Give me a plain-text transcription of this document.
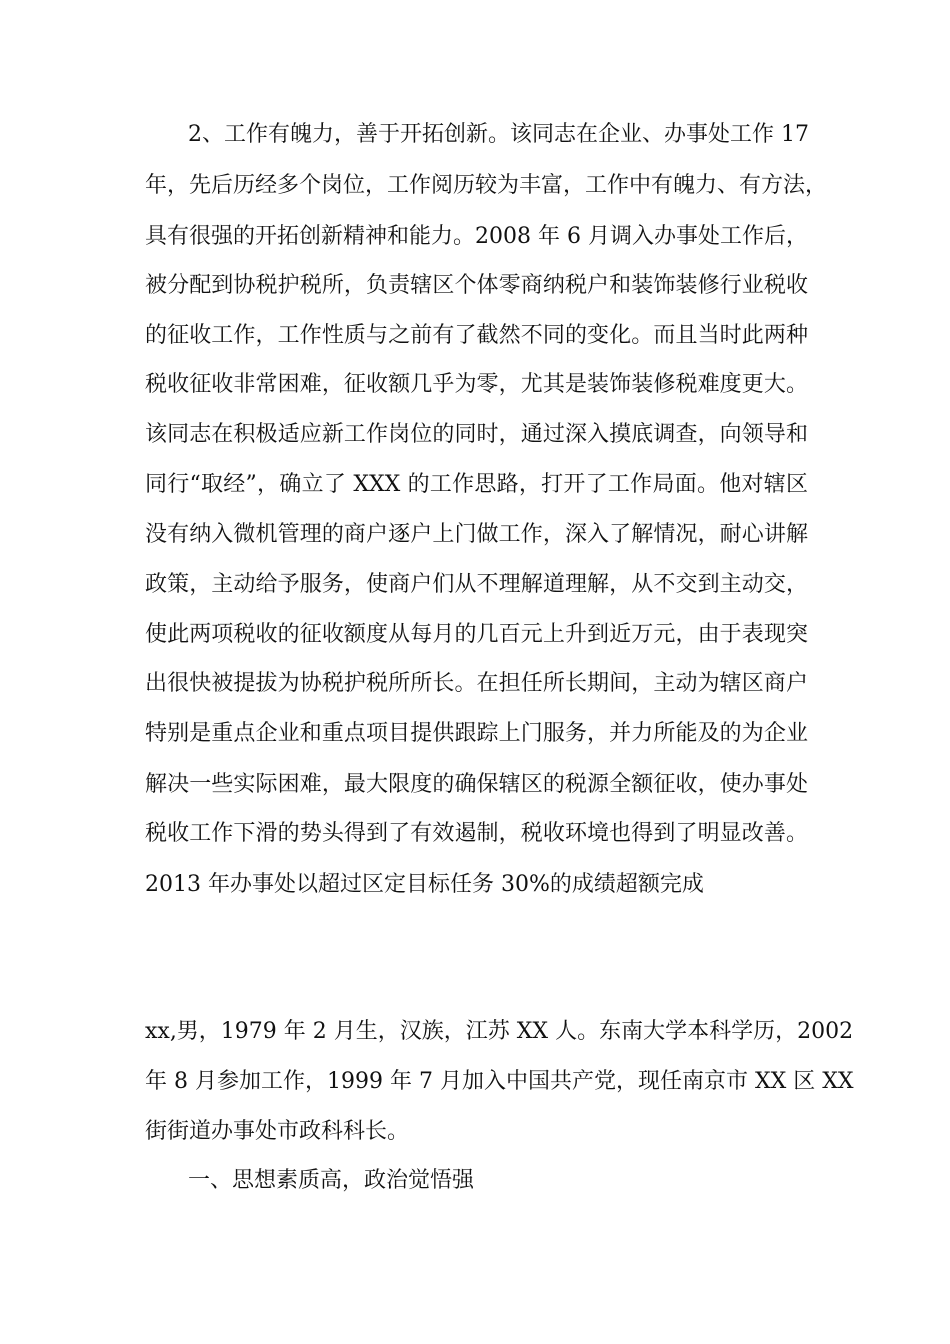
2、工作有魄力，善于开拓创新。该同志在企业、办事处工作 17
年，先后历经多个岗位，工作阅历较为丰富，工作中有魄力、有方法，
具有很强的开拓创新精神和能力。2008 年 6 月调入办事处工作后，
被分配到协税护税所，负责辖区个体零商纳税户和装饰装修行业税收
的征收工作，工作性质与之前有了截然不同的变化。而且当时此两种
税收征收非常困难，征收额几乎为零，尤其是装饰装修税难度更大。
该同志在积极适应新工作岗位的同时，通过深入摸底调查，向领导和
同行“取经”，确立了 XXX 的工作思路，打开了工作局面。他对辖区
没有纳入微机管理的商户逐户上门做工作，深入了解情况，耐心讲解
政策，主动给予服务，使商户们从不理解道理解，从不交到主动交，
使此两项税收的征收额度从每月的几百元上升到近万元，由于表现突
出很快被提拔为协税护税所所长。在担任所长期间，主动为辖区商户
特别是重点企业和重点项目提供跟踪上门服务，并力所能及的为企业
解决一些实际困难，最大限度的确保辖区的税源全额征收，使办事处
税收工作下滑的势头得到了有效遏制，税收环境也得到了明显改善。
2013 年办事处以超过区定目标任务 30%的成绩超额完成
xx,男，1979 年 2 月生，汉族，江苏 XX 人。东南大学本科学历，2002
年 8 月参加工作，1999 年 7 月加入中国共产党，现任南京市 XX 区 XX
街街道办事处市政科科长。
一、思想素质高，政治觉悟强
